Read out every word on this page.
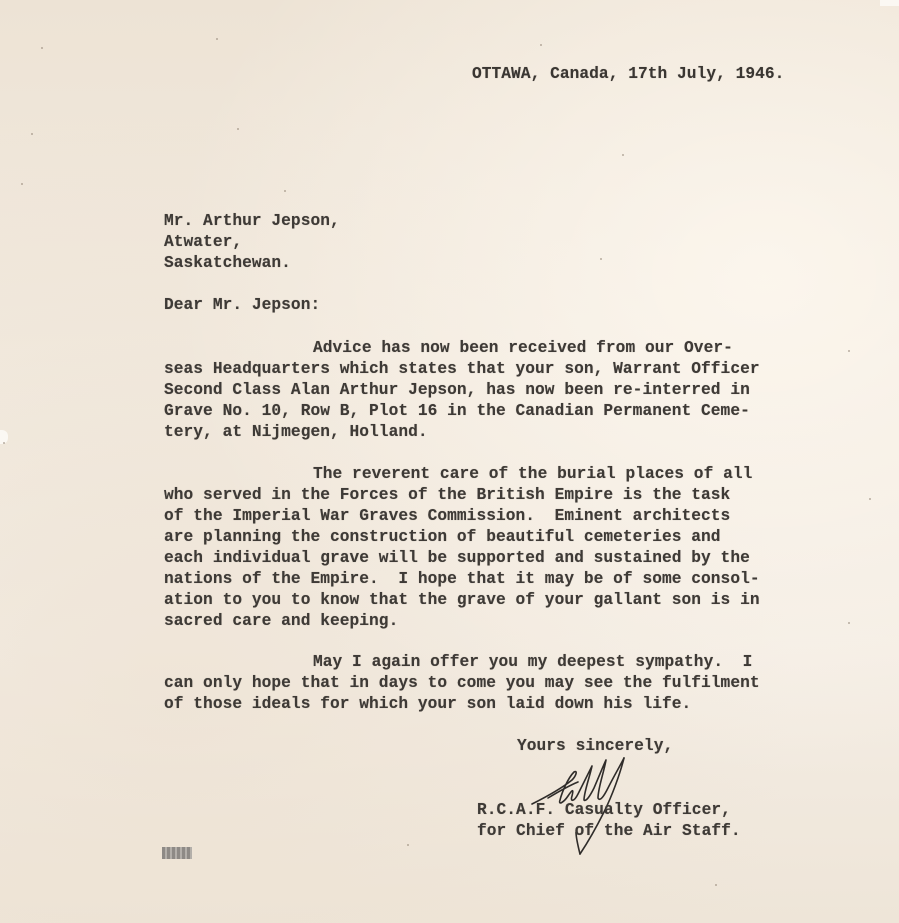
OTTAWA, Canada, 17th July, 1946.
Mr. Arthur Jepson,
Atwater,
Saskatchewan.
Dear Mr. Jepson:
Advice has now been received from our Over-
seas Headquarters which states that your son, Warrant Officer
Second Class Alan Arthur Jepson, has now been re-interred in
Grave No. 10, Row B, Plot 16 in the Canadian Permanent Ceme-
tery, at Nijmegen, Holland.
The reverent care of the burial places of all
who served in the Forces of the British Empire is the task
of the Imperial War Graves Commission.  Eminent architects
are planning the construction of beautiful cemeteries and
each individual grave will be supported and sustained by the
nations of the Empire.  I hope that it may be of some consol-
ation to you to know that the grave of your gallant son is in
sacred care and keeping.
May I again offer you my deepest sympathy.  I
can only hope that in days to come you may see the fulfilment
of those ideals for which your son laid down his life.
Yours sincerely,
R.C.A.F. Casualty Officer,
for Chief of the Air Staff.
